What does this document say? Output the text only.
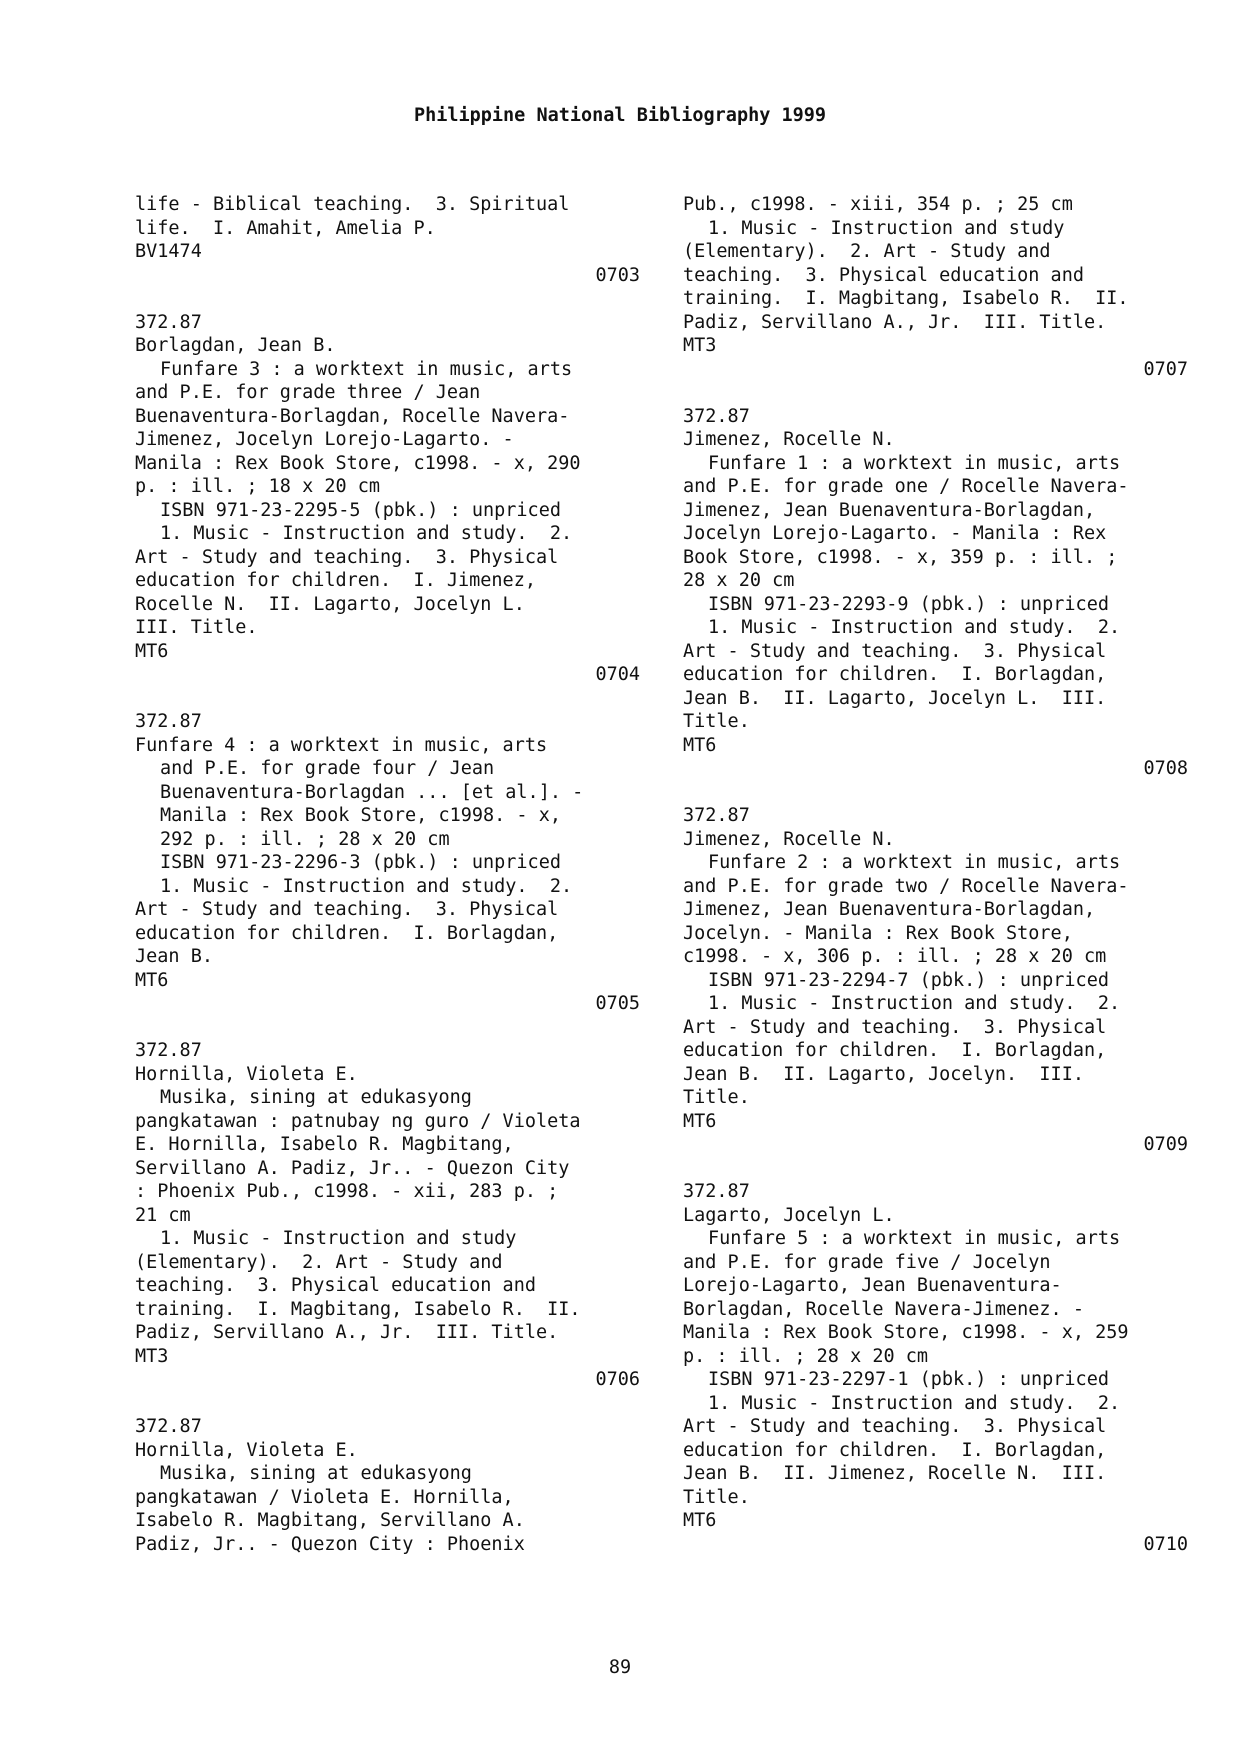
Philippine National Bibliography 1999
life - Biblical teaching.  3. Spiritual
life.  I. Amahit, Amelia P.
BV1474
0703
372.87
Borlagdan, Jean B.
Funfare 3 : a worktext in music, arts
and P.E. for grade three / Jean
Buenaventura-Borlagdan, Rocelle Navera-
Jimenez, Jocelyn Lorejo-Lagarto. -
Manila : Rex Book Store, c1998. - x, 290
p. : ill. ; 18 x 20 cm
ISBN 971-23-2295-5 (pbk.) : unpriced
1. Music - Instruction and study.  2.
Art - Study and teaching.  3. Physical
education for children.  I. Jimenez,
Rocelle N.  II. Lagarto, Jocelyn L.
III. Title.
MT6
0704
372.87
Funfare 4 : a worktext in music, arts
and P.E. for grade four / Jean
Buenaventura-Borlagdan ... [et al.]. -
Manila : Rex Book Store, c1998. - x,
292 p. : ill. ; 28 x 20 cm
ISBN 971-23-2296-3 (pbk.) : unpriced
1. Music - Instruction and study.  2.
Art - Study and teaching.  3. Physical
education for children.  I. Borlagdan,
Jean B.
MT6
0705
372.87
Hornilla, Violeta E.
Musika, sining at edukasyong
pangkatawan : patnubay ng guro / Violeta
E. Hornilla, Isabelo R. Magbitang,
Servillano A. Padiz, Jr.. - Quezon City
: Phoenix Pub., c1998. - xii, 283 p. ;
21 cm
1. Music - Instruction and study
(Elementary).  2. Art - Study and
teaching.  3. Physical education and
training.  I. Magbitang, Isabelo R.  II.
Padiz, Servillano A., Jr.  III. Title.
MT3
0706
372.87
Hornilla, Violeta E.
Musika, sining at edukasyong
pangkatawan / Violeta E. Hornilla,
Isabelo R. Magbitang, Servillano A.
Padiz, Jr.. - Quezon City : Phoenix
Pub., c1998. - xiii, 354 p. ; 25 cm
1. Music - Instruction and study
(Elementary).  2. Art - Study and
teaching.  3. Physical education and
training.  I. Magbitang, Isabelo R.  II.
Padiz, Servillano A., Jr.  III. Title.
MT3
0707
372.87
Jimenez, Rocelle N.
Funfare 1 : a worktext in music, arts
and P.E. for grade one / Rocelle Navera-
Jimenez, Jean Buenaventura-Borlagdan,
Jocelyn Lorejo-Lagarto. - Manila : Rex
Book Store, c1998. - x, 359 p. : ill. ;
28 x 20 cm
ISBN 971-23-2293-9 (pbk.) : unpriced
1. Music - Instruction and study.  2.
Art - Study and teaching.  3. Physical
education for children.  I. Borlagdan,
Jean B.  II. Lagarto, Jocelyn L.  III.
Title.
MT6
0708
372.87
Jimenez, Rocelle N.
Funfare 2 : a worktext in music, arts
and P.E. for grade two / Rocelle Navera-
Jimenez, Jean Buenaventura-Borlagdan,
Jocelyn. - Manila : Rex Book Store,
c1998. - x, 306 p. : ill. ; 28 x 20 cm
ISBN 971-23-2294-7 (pbk.) : unpriced
1. Music - Instruction and study.  2.
Art - Study and teaching.  3. Physical
education for children.  I. Borlagdan,
Jean B.  II. Lagarto, Jocelyn.  III.
Title.
MT6
0709
372.87
Lagarto, Jocelyn L.
Funfare 5 : a worktext in music, arts
and P.E. for grade five / Jocelyn
Lorejo-Lagarto, Jean Buenaventura-
Borlagdan, Rocelle Navera-Jimenez. -
Manila : Rex Book Store, c1998. - x, 259
p. : ill. ; 28 x 20 cm
ISBN 971-23-2297-1 (pbk.) : unpriced
1. Music - Instruction and study.  2.
Art - Study and teaching.  3. Physical
education for children.  I. Borlagdan,
Jean B.  II. Jimenez, Rocelle N.  III.
Title.
MT6
0710
89
